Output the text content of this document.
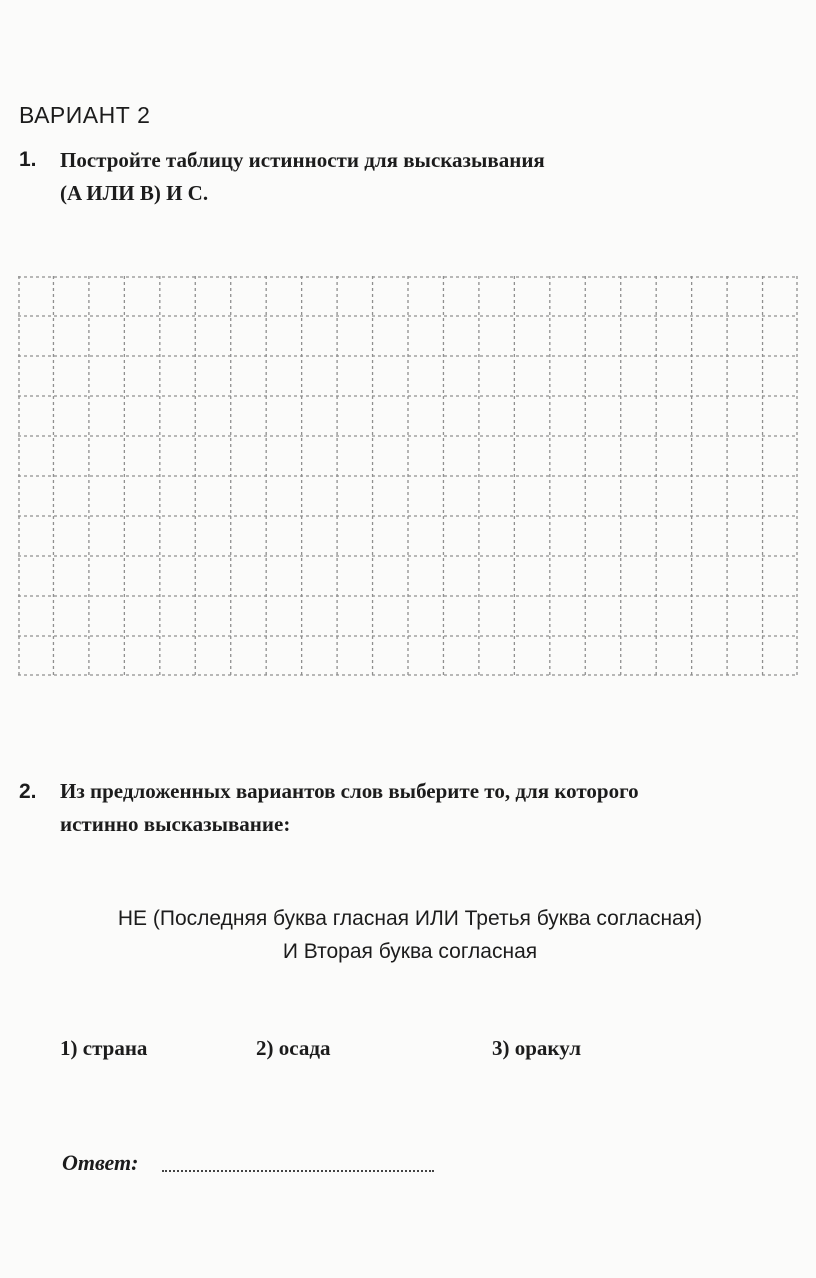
ВАРИАНТ 2
1. Постройте таблицу истинности для высказывания
(A ИЛИ B) И C.
2. Из предложенных вариантов слов выберите то, для которого
истинно высказывание:
НЕ (Последняя буква гласная ИЛИ Третья буква согласная)
И Вторая буква согласная
1) страна	2) осада	3) оракул
Ответ:
